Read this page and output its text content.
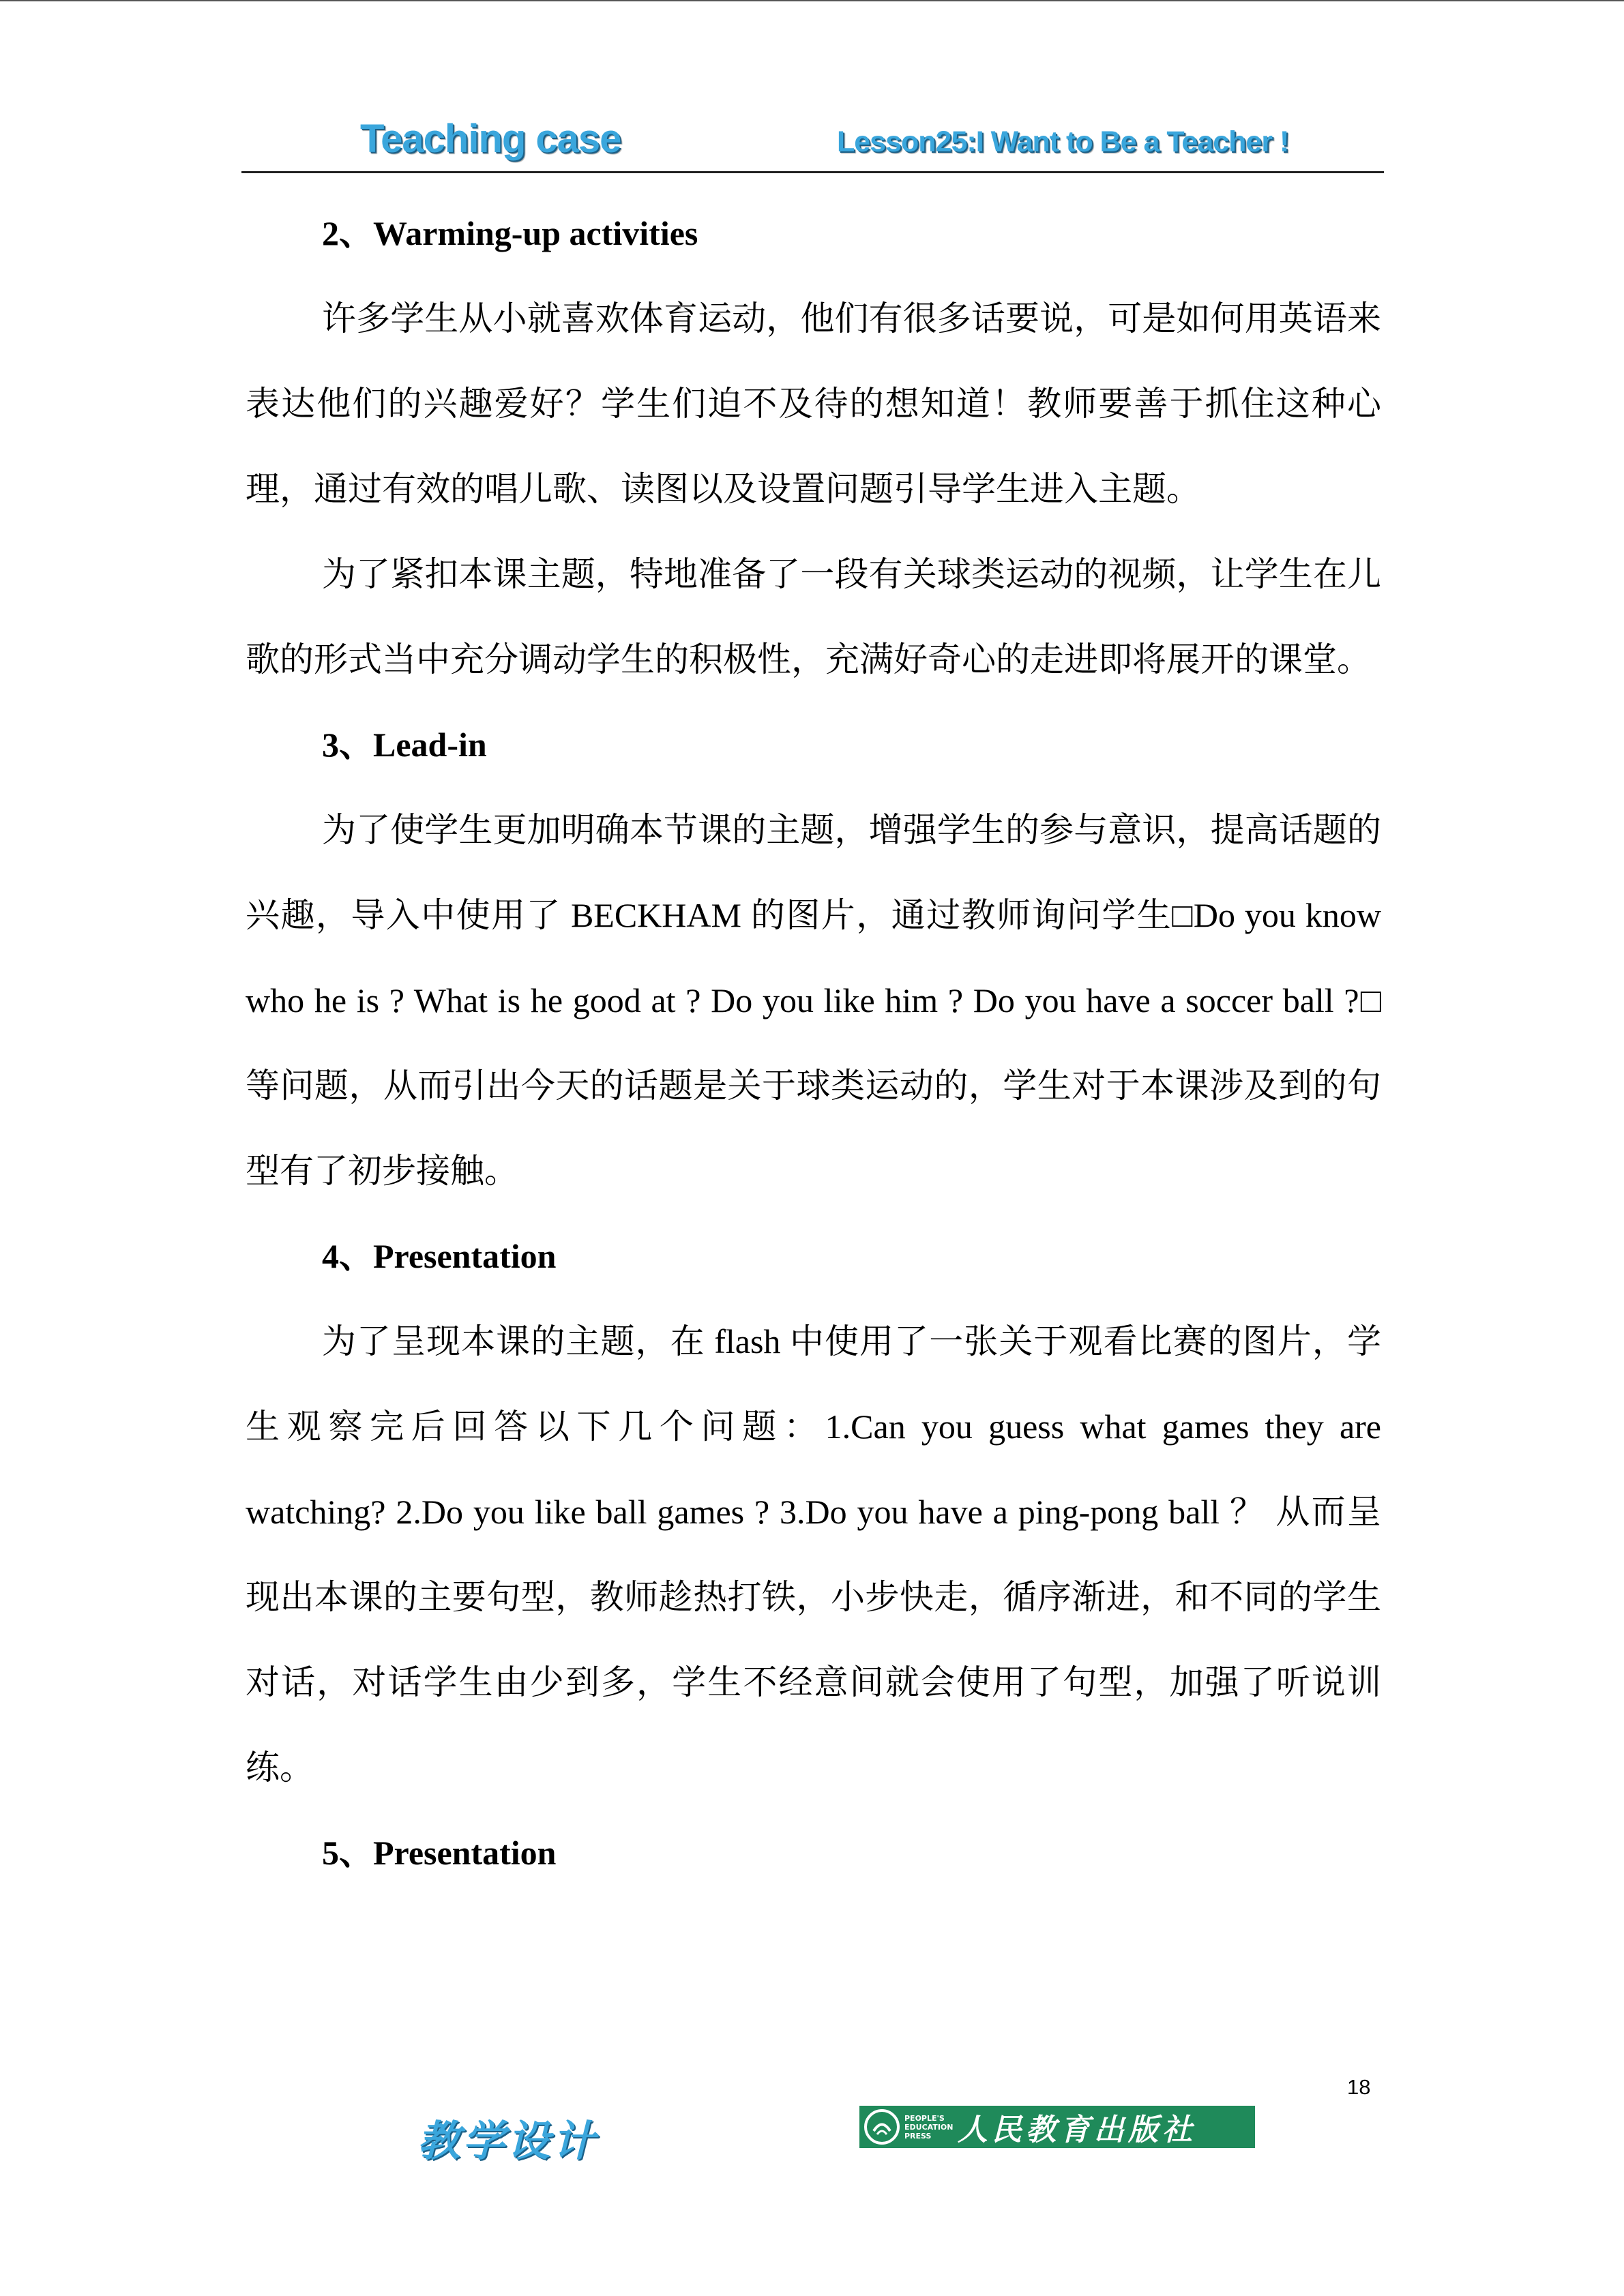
Teaching case	Lesson25:I Want to Be a Teacher !
2、Warming-up activities

许多学生从小就喜欢体育运动，他们有很多话要说，可是如何用英语来表达他们的兴趣爱好？学生们迫不及待的想知道！教师要善于抓住这种心理，通过有效的唱儿歌、读图以及设置问题引导学生进入主题。

为了紧扣本课主题，特地准备了一段有关球类运动的视频，让学生在儿歌的形式当中充分调动学生的积极性，充满好奇心的走进即将展开的课堂。

3、Lead-in

为了使学生更加明确本节课的主题，增强学生的参与意识，提高话题的兴趣，导入中使用了 BECKHAM 的图片，通过教师询问学生□Do you know who he is ? What is he good at ? Do you like him ? Do you have a soccer ball ?□等问题，从而引出今天的话题是关于球类运动的，学生对于本课涉及到的句型有了初步接触。

4、Presentation

为了呈现本课的主题，在 flash 中使用了一张关于观看比赛的图片，学生观察完后回答以下几个问题：1.Can you guess what games they are watching? 2.Do you like ball games ? 3.Do you have a ping-pong ball ？ 从而呈现出本课的主要句型，教师趁热打铁，小步快走，循序渐进，和不同的学生对话，对话学生由少到多，学生不经意间就会使用了句型，加强了听说训练。

5、Presentation
18
教学设计	PEOPLE'S EDUCATION PRESS 人民教育出版社
